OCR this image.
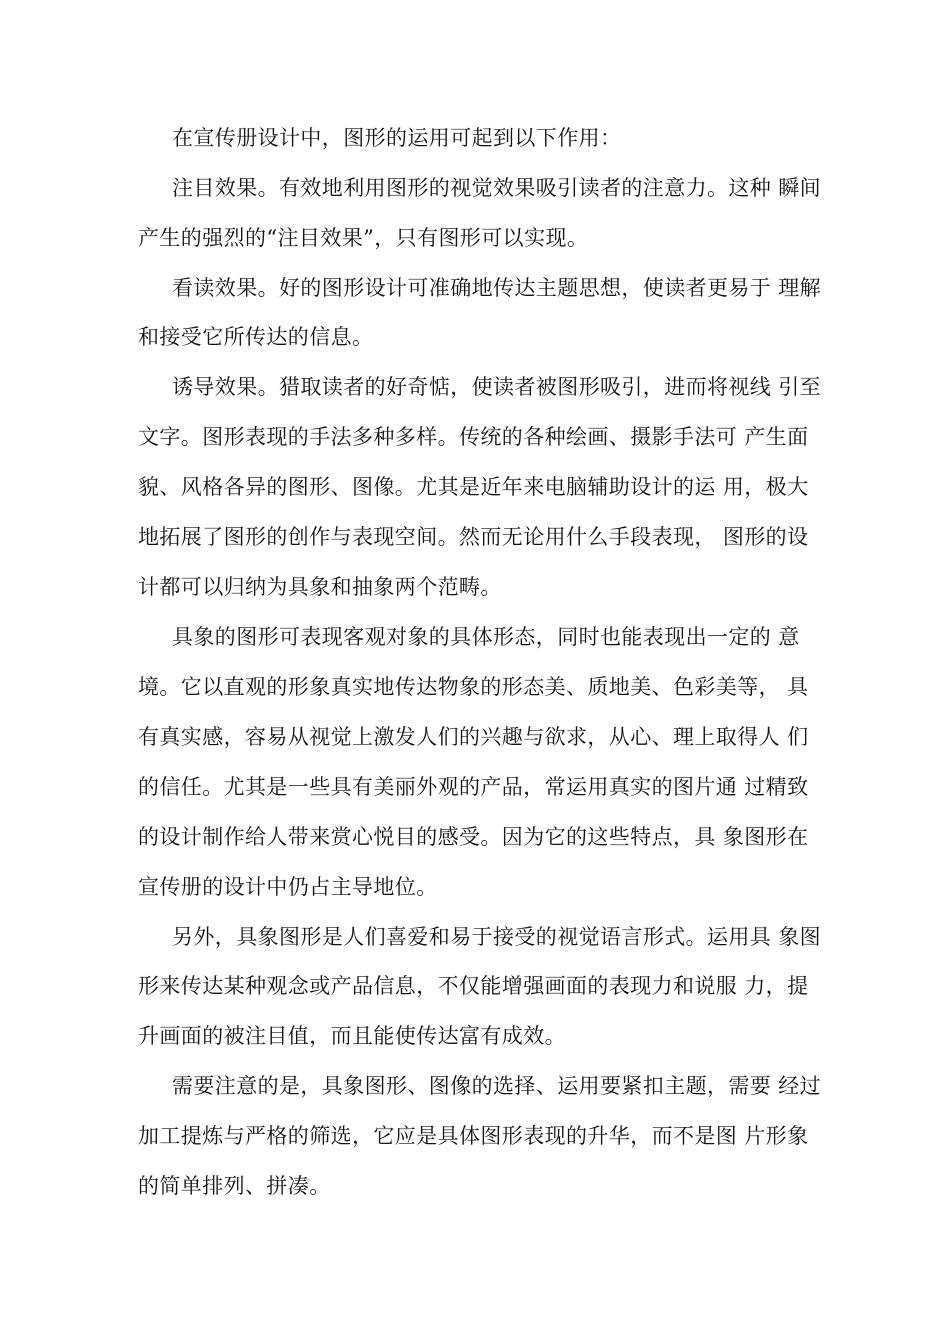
在宣传册设计中，图形的运用可起到以下作用：
注目效果。有效地利用图形的视觉效果吸引读者的注意力。这种 瞬间
产生的强烈的“注目效果”，只有图形可以实现。
看读效果。好的图形设计可准确地传达主题思想，使读者更易于 理解
和接受它所传达的信息。
诱导效果。猎取读者的好奇惦，使读者被图形吸引，进而将视线 引至
文字。图形表现的手法多种多样。传统的各种绘画、摄影手法可 产生面
貌、风格各异的图形、图像。尤其是近年来电脑辅助设计的运 用，极大
地拓展了图形的创作与表现空间。然而无论用什么手段表现， 图形的设
计都可以归纳为具象和抽象两个范畴。
具象的图形可表现客观对象的具体形态，同时也能表现出一定的 意
境。它以直观的形象真实地传达物象的形态美、质地美、色彩美等， 具
有真实感，容易从视觉上激发人们的兴趣与欲求，从心、理上取得人 们
的信任。尤其是一些具有美丽外观的产品，常运用真实的图片通 过精致
的设计制作给人带来赏心悦目的感受。因为它的这些特点，具 象图形在
宣传册的设计中仍占主导地位。
另外，具象图形是人们喜爱和易于接受的视觉语言形式。运用具 象图
形来传达某种观念或产品信息，不仅能增强画面的表现力和说服 力，提
升画面的被注目值，而且能使传达富有成效。
需要注意的是，具象图形、图像的选择、运用要紧扣主题，需要 经过
加工提炼与严格的筛选，它应是具体图形表现的升华，而不是图 片形象
的简单排列、拼凑。
